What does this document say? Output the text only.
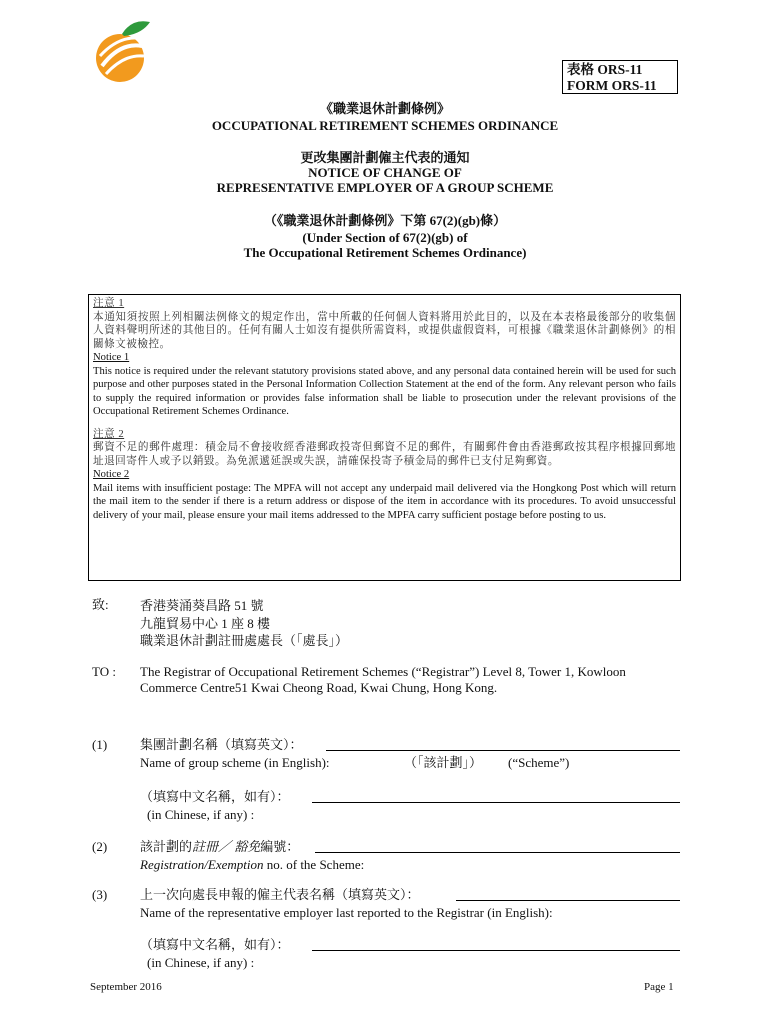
表格 ORS-11
FORM ORS-11
《職業退休計劃條例》
OCCUPATIONAL RETIREMENT SCHEMES ORDINANCE
更改集團計劃僱主代表的通知
NOTICE OF CHANGE OF
REPRESENTATIVE EMPLOYER OF A GROUP SCHEME
（《職業退休計劃條例》下第 67(2)(gb)條）
(Under Section of 67(2)(gb) of
The Occupational Retirement Schemes Ordinance)
注意 1
本通知須按照上列相關法例條文的規定作出，當中所載的任何個人資料將用於此目的，以及在本表格最後部分的收集個人資料聲明所述的其他目的。任何有關人士如沒有提供所需資料，或提供虛假資料，可根據《職業退休計劃條例》的相關條文被檢控。
Notice 1
This notice is required under the relevant statutory provisions stated above, and any personal data contained herein will be used for such purpose and other purposes stated in the Personal Information Collection Statement at the end of the form. Any relevant person who fails to supply the required information or provides false information shall be liable to prosecution under the relevant provisions of the Occupational Retirement Schemes Ordinance.
注意 2
郵資不足的郵件處理：積金局不會接收經香港郵政投寄但郵資不足的郵件，有關郵件會由香港郵政按其程序根據回郵地址退回寄件人或予以銷毀。為免派遞延誤或失誤，請確保投寄予積金局的郵件已支付足夠郵資。
Notice 2
Mail items with insufficient postage: The MPFA will not accept any underpaid mail delivered via the Hongkong Post which will return the mail item to the sender if there is a return address or dispose of the item in accordance with its procedures. To avoid unsuccessful delivery of your mail, please ensure your mail items addressed to the MPFA carry sufficient postage before posting to us.
致: 香港葵涌葵昌路 51 號
九龍貿易中心 1 座 8 樓
職業退休計劃註冊處處長（「處長」）
TO : The Registrar of Occupational Retirement Schemes (“Registrar”) Level 8, Tower 1, Kowloon Commerce Centre51 Kwai Cheong Road, Kwai Chung, Hong Kong.
(1)	集團計劃名稱（填寫英文）：
Name of group scheme (in English):	（「該計劃」） (“Scheme”)
（填寫中文名稱，如有）：
(in Chinese, if any) :
(2)	該計劃的註冊／ 豁免編號：
Registration/Exemption no. of the Scheme:
(3)	上一次向處長申報的僱主代表名稱（填寫英文）：
Name of the representative employer last reported to the Registrar (in English):
（填寫中文名稱，如有）：
(in Chinese, if any) :
September 2016	Page 1
